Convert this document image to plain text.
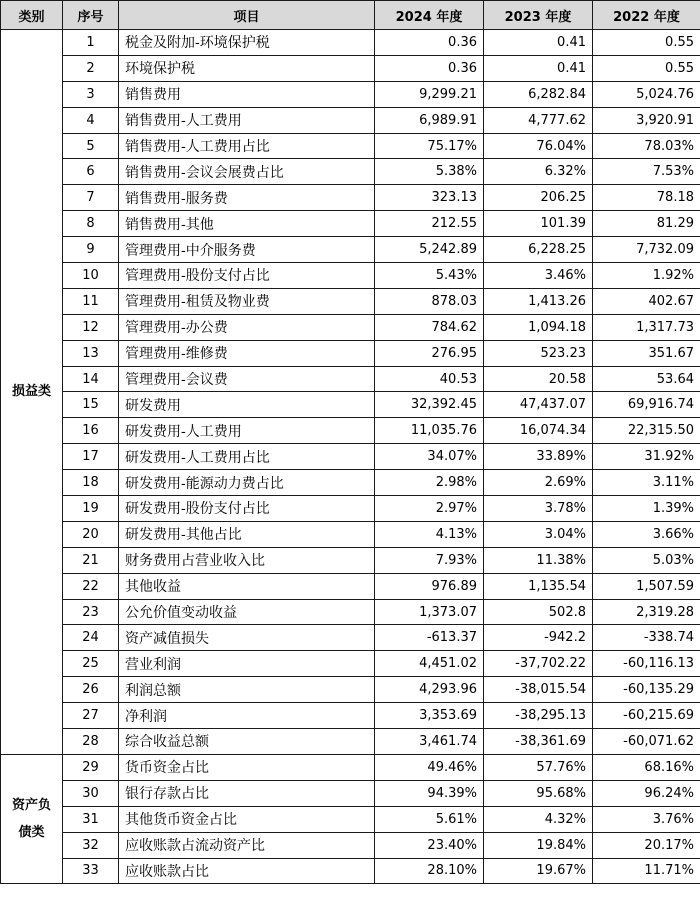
类别	序号	项目	2024 年度	2023 年度	2022 年度
损益类	1	税金及附加-环境保护税	0.36	0.41	0.55
	2	环境保护税	0.36	0.41	0.55
	3	销售费用	9,299.21	6,282.84	5,024.76
	4	销售费用-人工费用	6,989.91	4,777.62	3,920.91
	5	销售费用-人工费用占比	75.17%	76.04%	78.03%
	6	销售费用-会议会展费占比	5.38%	6.32%	7.53%
	7	销售费用-服务费	323.13	206.25	78.18
	8	销售费用-其他	212.55	101.39	81.29
	9	管理费用-中介服务费	5,242.89	6,228.25	7,732.09
	10	管理费用-股份支付占比	5.43%	3.46%	1.92%
	11	管理费用-租赁及物业费	878.03	1,413.26	402.67
	12	管理费用-办公费	784.62	1,094.18	1,317.73
	13	管理费用-维修费	276.95	523.23	351.67
	14	管理费用-会议费	40.53	20.58	53.64
	15	研发费用	32,392.45	47,437.07	69,916.74
	16	研发费用-人工费用	11,035.76	16,074.34	22,315.50
	17	研发费用-人工费用占比	34.07%	33.89%	31.92%
	18	研发费用-能源动力费占比	2.98%	2.69%	3.11%
	19	研发费用-股份支付占比	2.97%	3.78%	1.39%
	20	研发费用-其他占比	4.13%	3.04%	3.66%
	21	财务费用占营业收入比	7.93%	11.38%	5.03%
	22	其他收益	976.89	1,135.54	1,507.59
	23	公允价值变动收益	1,373.07	502.8	2,319.28
	24	资产减值损失	-613.37	-942.2	-338.74
	25	营业利润	4,451.02	-37,702.22	-60,116.13
	26	利润总额	4,293.96	-38,015.54	-60,135.29
	27	净利润	3,353.69	-38,295.13	-60,215.69
	28	综合收益总额	3,461.74	-38,361.69	-60,071.62
资产负债类	29	货币资金占比	49.46%	57.76%	68.16%
	30	银行存款占比	94.39%	95.68%	96.24%
	31	其他货币资金占比	5.61%	4.32%	3.76%
	32	应收账款占流动资产比	23.40%	19.84%	20.17%
	33	应收账款占比	28.10%	19.67%	11.71%
